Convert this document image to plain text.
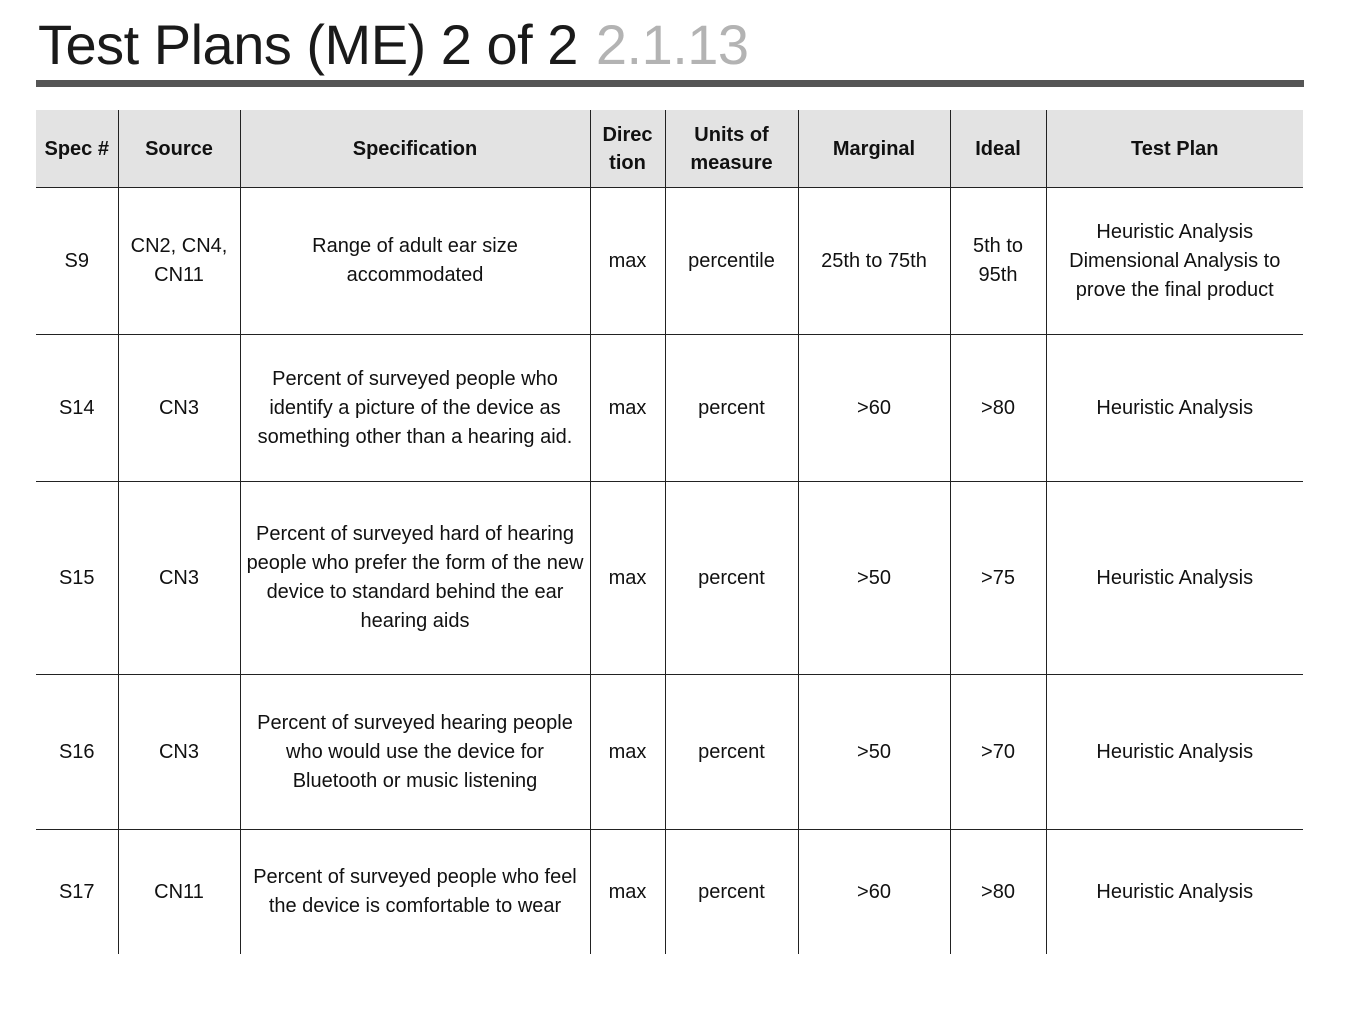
Test Plans (ME) 2 of 2 2.1.13
Spec #	Source	Specification	Direc tion	Units of measure	Marginal	Ideal	Test Plan
S9	CN2, CN4, CN11	Range of adult ear size accommodated	max	percentile	25th to 75th	5th to 95th	Heuristic Analysis Dimensional Analysis to prove the final product
S14	CN3	Percent of surveyed people who identify a picture of the device as something other than a hearing aid.	max	percent	>60	>80	Heuristic Analysis
S15	CN3	Percent of surveyed hard of hearing people who prefer the form of the new device to standard behind the ear hearing aids	max	percent	>50	>75	Heuristic Analysis
S16	CN3	Percent of surveyed hearing people who would use the device for Bluetooth or music listening	max	percent	>50	>70	Heuristic Analysis
S17	CN11	Percent of surveyed people who feel the device is comfortable to wear	max	percent	>60	>80	Heuristic Analysis
